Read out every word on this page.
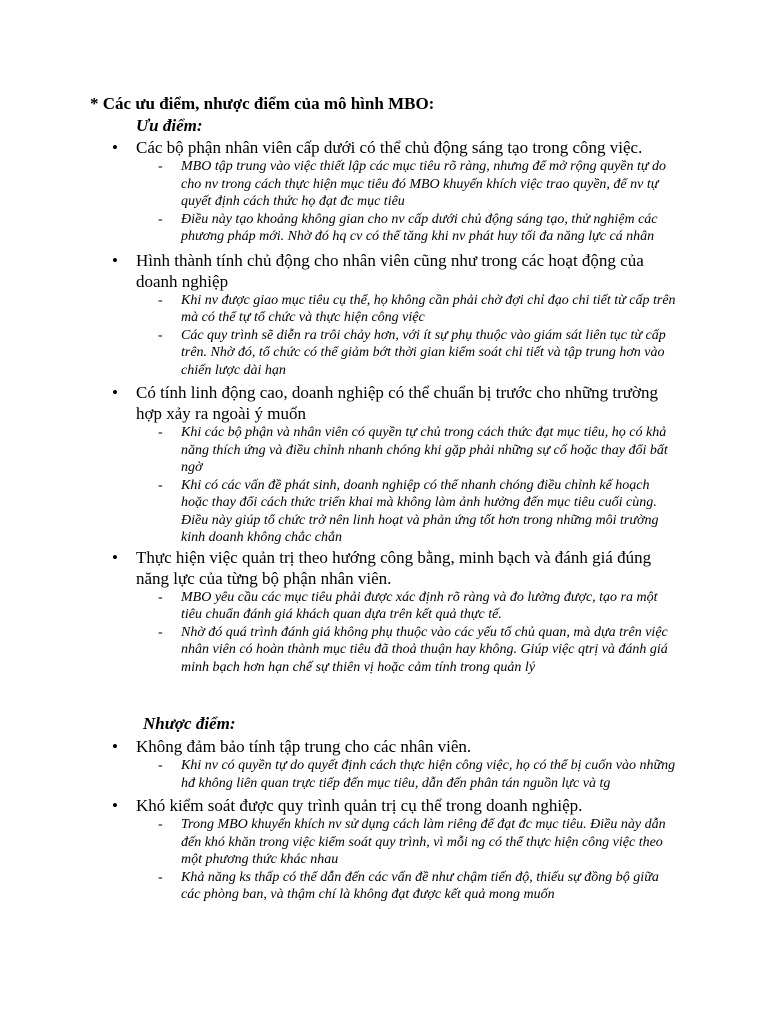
* Các ưu điểm, nhược điểm của mô hình MBO:
Ưu điểm:
• Các bộ phận nhân viên cấp dưới có thể chủ động sáng tạo trong công việc.
- MBO tập trung vào việc thiết lập các mục tiêu rõ ràng, nhưng để mở rộng quyền tự do cho nv trong cách thực hiện mục tiêu đó MBO khuyến khích việc trao quyền, để nv tự quyết định cách thức họ đạt đc mục tiêu
- Điều này tạo khoảng không gian cho nv cấp dưới chủ động sáng tạo, thử nghiệm các phương pháp mới. Nhờ đó hq cv có thể tăng khi nv phát huy tối đa năng lực cá nhân
• Hình thành tính chủ động cho nhân viên cũng như trong các hoạt động của doanh nghiệp
- Khi nv được giao mục tiêu cụ thể, họ không cần phải chờ đợi chỉ đạo chi tiết từ cấp trên mà có thể tự tổ chức và thực hiện công việc
- Các quy trình sẽ diễn ra trôi chảy hơn, với ít sự phụ thuộc vào giám sát liên tục từ cấp trên. Nhờ đó, tổ chức có thể giảm bớt thời gian kiểm soát chi tiết và tập trung hơn vào chiến lược dài hạn
• Có tính linh động cao, doanh nghiệp có thể chuẩn bị trước cho những trường hợp xảy ra ngoài ý muốn
- Khi các bộ phận và nhân viên có quyền tự chủ trong cách thức đạt mục tiêu, họ có khả năng thích ứng và điều chỉnh nhanh chóng khi gặp phải những sự cố hoặc thay đổi bất ngờ
- Khi có các vấn đề phát sinh, doanh nghiệp có thể nhanh chóng điều chỉnh kế hoạch hoặc thay đổi cách thức triển khai mà không làm ảnh hưởng đến mục tiêu cuối cùng. Điều này giúp tổ chức trở nên linh hoạt và phản ứng tốt hơn trong những môi trường kinh doanh không chắc chắn
• Thực hiện việc quản trị theo hướng công bằng, minh bạch và đánh giá đúng năng lực của từng bộ phận nhân viên.
- MBO yêu cầu các mục tiêu phải được xác định rõ ràng và đo lường được, tạo ra một tiêu chuẩn đánh giá khách quan dựa trên kết quả thực tế.
- Nhờ đó quá trình đánh giá không phụ thuộc vào các yếu tố chủ quan, mà dựa trên việc nhân viên có hoàn thành mục tiêu đã thoả thuận hay không. Giúp việc qtrị và đánh giá minh bạch hơn hạn chế sự thiên vị hoặc cảm tính trong quản lý
Nhược điểm:
• Không đảm bảo tính tập trung cho các nhân viên.
- Khi nv có quyền tự do quyết định cách thực hiện công việc, họ có thể bị cuốn vào những hđ không liên quan trực tiếp đến mục tiêu, dẫn đến phân tán nguồn lực và tg
• Khó kiểm soát được quy trình quản trị cụ thể trong doanh nghiệp.
- Trong MBO khuyến khích nv sử dụng cách làm riêng để đạt đc mục tiêu. Điều này dẫn đến khó khăn trong việc kiểm soát quy trình, vì mỗi ng có thể thực hiện công việc theo một phương thức khác nhau
- Khả năng ks thấp có thể dẫn đến các vấn đề như chậm tiến độ, thiếu sự đồng bộ giữa các phòng ban, và thậm chí là không đạt được kết quả mong muốn
